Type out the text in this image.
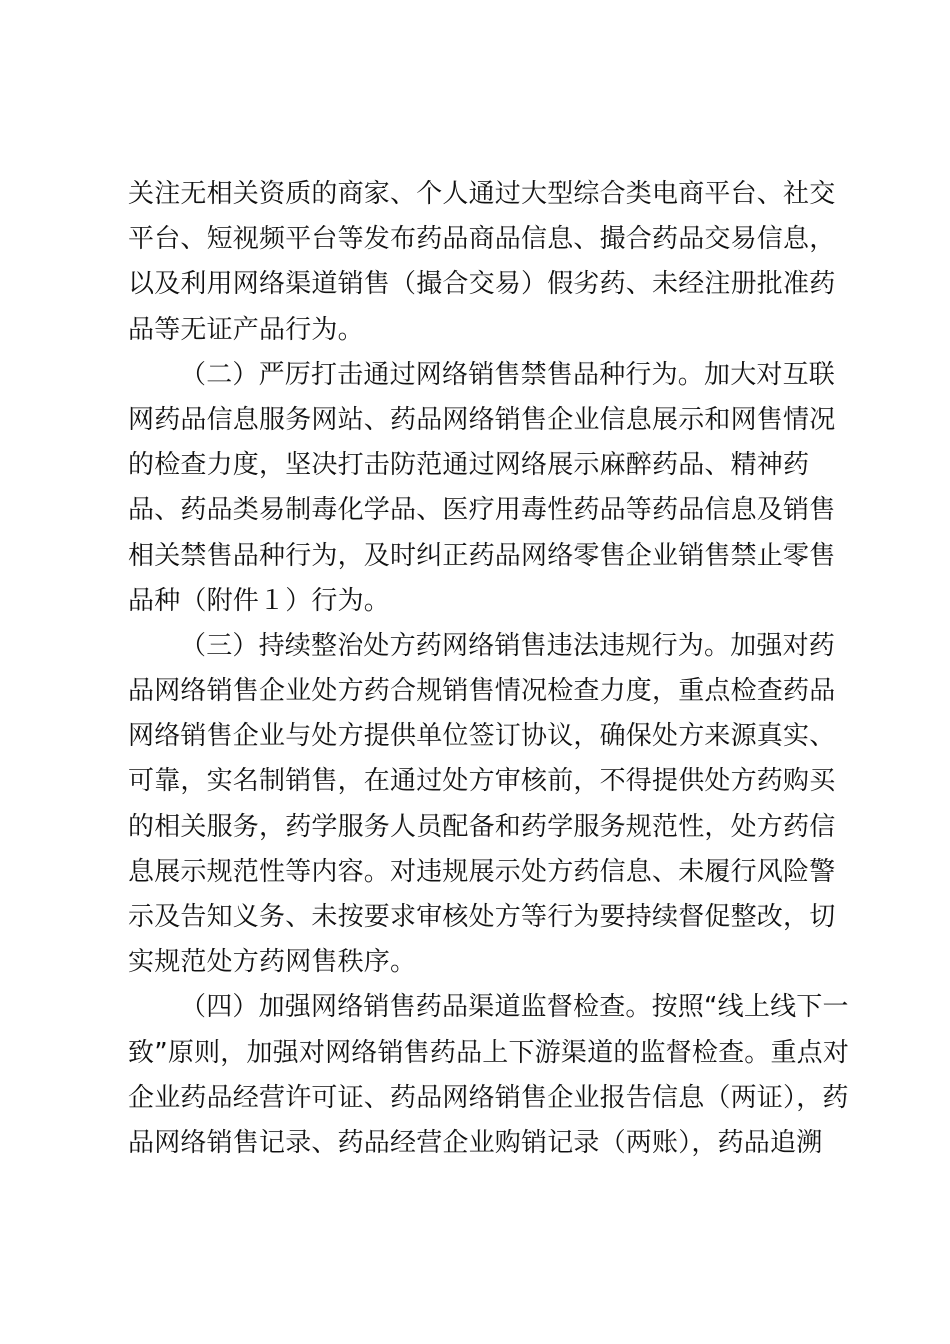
关注无相关资质的商家、个人通过大型综合类电商平台、社交
平台、短视频平台等发布药品商品信息、撮合药品交易信息，
以及利用网络渠道销售（撮合交易）假劣药、未经注册批准药
品等无证产品行为。
（二）严厉打击通过网络销售禁售品种行为。加大对互联
网药品信息服务网站、药品网络销售企业信息展示和网售情况
的检查力度，坚决打击防范通过网络展示麻醉药品、精神药
品、药品类易制毒化学品、医疗用毒性药品等药品信息及销售
相关禁售品种行为，及时纠正药品网络零售企业销售禁止零售
品种（附件１）行为。
（三）持续整治处方药网络销售违法违规行为。加强对药
品网络销售企业处方药合规销售情况检查力度，重点检查药品
网络销售企业与处方提供单位签订协议，确保处方来源真实、
可靠，实名制销售，在通过处方审核前，不得提供处方药购买
的相关服务，药学服务人员配备和药学服务规范性，处方药信
息展示规范性等内容。对违规展示处方药信息、未履行风险警
示及告知义务、未按要求审核处方等行为要持续督促整改，切
实规范处方药网售秩序。
（四）加强网络销售药品渠道监督检查。按照“线上线下一
致”原则，加强对网络销售药品上下游渠道的监督检查。重点对
企业药品经营许可证、药品网络销售企业报告信息（两证），药
品网络销售记录、药品经营企业购销记录（两账），药品追溯
